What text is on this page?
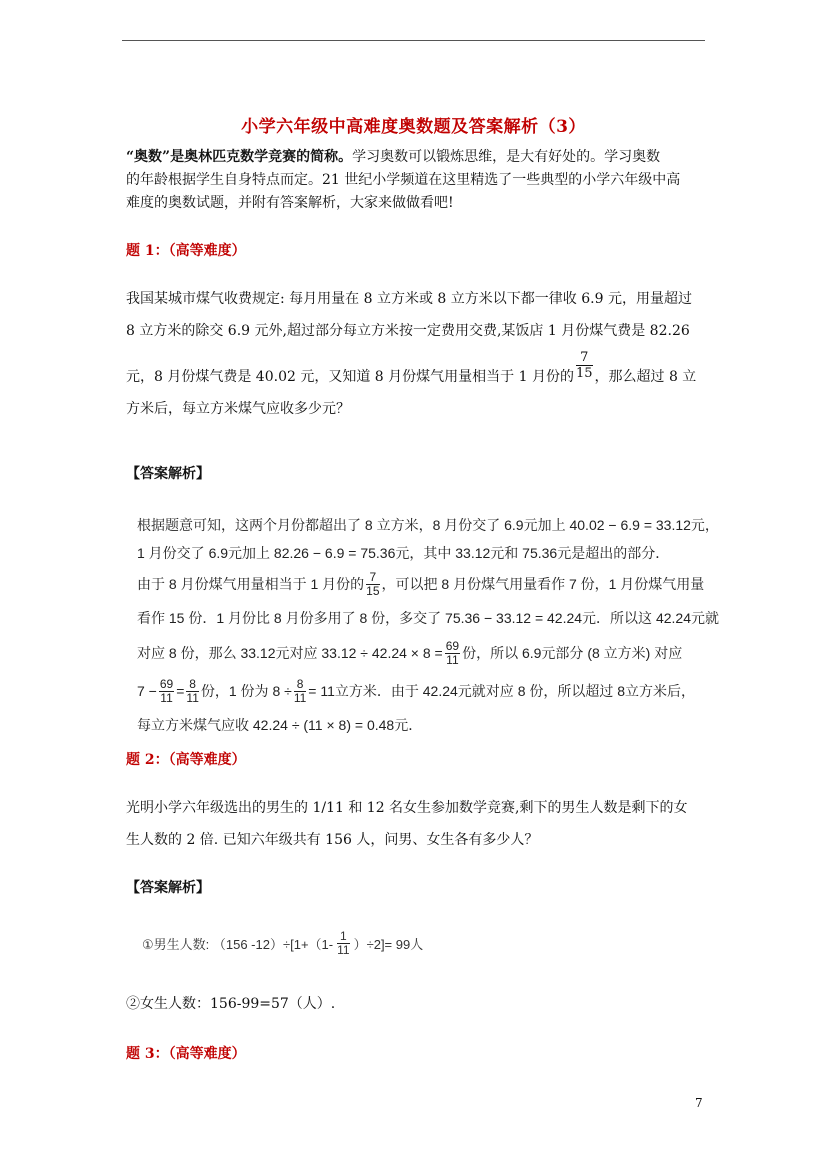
小学六年级中高难度奥数题及答案解析（3）
“奥数”是奥林匹克数学竞赛的简称。学习奥数可以锻炼思维，是大有好处的。学习奥数
的年龄根据学生自身特点而定。21 世纪小学频道在这里精选了一些典型的小学六年级中高
难度的奥数试题，并附有答案解析，大家来做做看吧!
题 1：（高等难度）
我国某城市煤气收费规定: 每月用量在 8 立方米或 8 立方米以下都一律收 6.9 元，用量超过
8 立方米的除交 6.9 元外,超过部分每立方米按一定费用交费,某饭店 1 月份煤气费是 82.26
元，8 月份煤气费是 40.02 元，又知道 8 月份煤气用量相当于 1 月份的 $\frac{7}{15}$ ，那么超过 8 立
方米后，每立方米煤气应收多少元？
【答案解析】
根据题意可知，这两个月份都超出了 8 立方米，8 月份交了 6.9元加上 40.02 − 6.9 = 33.12元，
1 月份交了 6.9元加上 82.26 − 6.9 = 75.36元，其中 33.12元和 75.36元是超出的部分．
由于 8 月份煤气用量相当于 1 月份的 $\frac{7}{15}$ ，可以把 8 月份煤气用量看作 7 份，1 月份煤气用量
看作 15 份．1 月份比 8 月份多用了 8 份，多交了 75.36 − 33.12 = 42.24元．所以这 42.24元就
对应 8 份，那么 33.12元对应 $33.12 \div 42.24 \times 8 = \frac{69}{11}$ 份，所以 6.9元部分 (8 立方米) 对应
$7 - \frac{69}{11} = \frac{8}{11}$ 份，1 份为 $8 \div \frac{8}{11} = 11$立方米．由于 42.24元就对应 8 份，所以超过 8立方米后，
每立方米煤气应收 42.24 ÷ (11 × 8) = 0.48元．
题 2：（高等难度）
光明小学六年级选出的男生的 1/11 和 12 名女生参加数学竞赛,剩下的男生人数是剩下的女
生人数的 2 倍. 已知六年级共有 156 人，问男、女生各有多少人？
【答案解析】
①男生人数: （156 $-12)\div[1+(1- \frac{1}{11} )\div 2]= 99$人
②女生人数：156-99=57（人）.
题 3：（高等难度）
7
